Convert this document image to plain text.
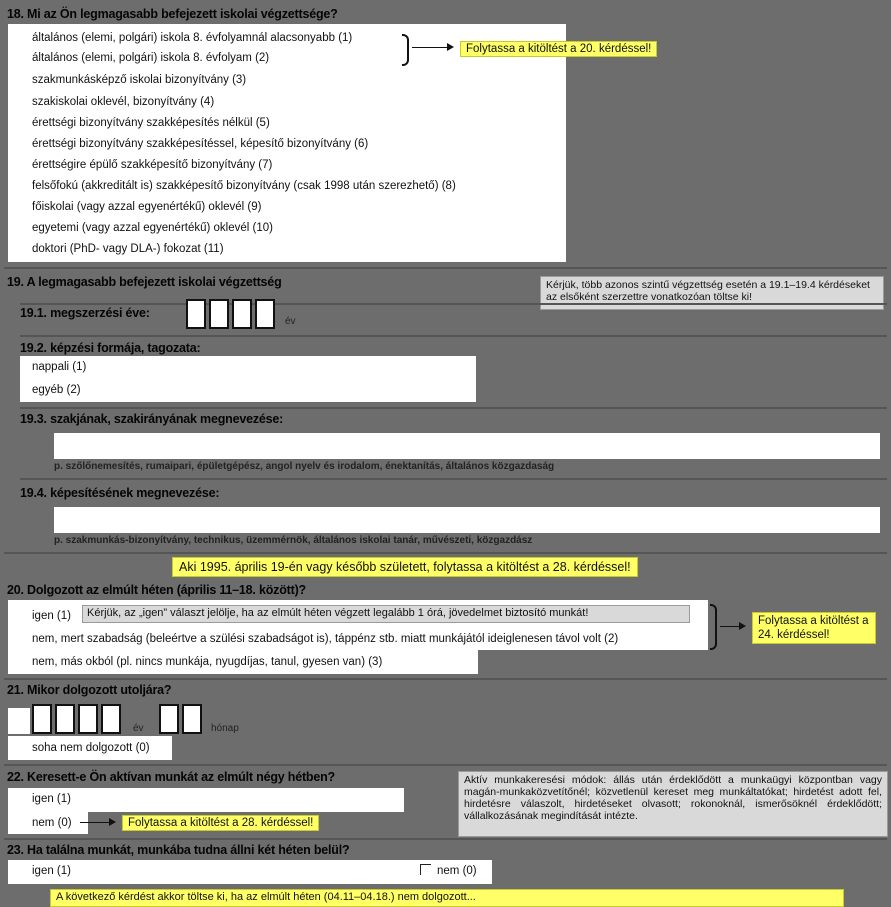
18. Mi az Ön legmagasabb befejezett iskolai végzettsége?
általános (elemi, polgári) iskola 8. évfolyamnál alacsonyabb (1)
általános (elemi, polgári) iskola 8. évfolyam (2)
szakmunkásképző iskolai bizonyítvány (3)
szakiskolai oklevél, bizonyítvány (4)
érettségi bizonyítvány szakképesítés nélkül (5)
érettségi bizonyítvány szakképesítéssel, képesítő bizonyítvány (6)
érettségire épülő szakképesítő bizonyítvány (7)
felsőfokú (akkreditált is) szakképesítő bizonyítvány (csak 1998 után szerezhető) (8)
főiskolai (vagy azzal egyenértékű) oklevél (9)
egyetemi (vagy azzal egyenértékű) oklevél (10)
doktori (PhD- vagy DLA-) fokozat (11)
Folytassa a kitöltést a 20. kérdéssel!
19. A legmagasabb befejezett iskolai végzettség	Kérjük, több azonos szintű végzettség esetén a 19.1–19.4 kérdéseket az elsőként szerzettre vonatkozóan töltse ki!
19.1. megszerzési éve:
év
19.2. képzési formája, tagozata:
nappali (1)
egyéb (2)
19.3. szakjának, szakirányának megnevezése:
p. szőlőnemesítés, rumaipari, épületgépész, angol nyelv és irodalom, énektanítás, általános közgazdaság
19.4. képesítésének megnevezése:
p. szakmunkás-bizonyítvány, technikus, üzemmérnök, általános iskolai tanár, művészeti, közgazdász
Aki 1995. április 19-én vagy később született, folytassa a kitöltést a 28. kérdéssel!
20. Dolgozott az elmúlt héten (április 11–18. között)?
igen (1)	Kérjük, az „igen” választ jelölje, ha az elmúlt héten végzett legalább 1 órá, jövedelmet biztosító munkát!
nem, mert szabadság (beleértve a szülési szabadságot is), táppénz stb. miatt munkájától ideiglenesen távol volt (2)
nem, más okból (pl. nincs munkája, nyugdíjas, tanul, gyesen van) (3)
Folytassa a kitöltést a 24. kérdéssel!
21. Mikor dolgozott utoljára?
év	hónap
soha nem dolgozott (0)
22. Keresett-e Ön aktívan munkát az elmúlt négy hétben?	Aktív munkakeresési módok: állás után érdeklődött a munkaügyi központban vagy magán-munkaközvetítőnél; közvetlenül kereset meg munkáltatókat; hirdetést adott fel, hirdetésre válaszolt, hirdetéseket olvasott; rokonoknál, ismerősöknél érdeklődött; vállalkozásának megindítását intézte.
igen (1)
nem (0)	Folytassa a kitöltést a 28. kérdéssel!
23. Ha találna munkát, munkába tudna állni két héten belül?
igen (1)	nem (0)
A következő kérdést akkor töltse ki, ha az elmúlt héten (04.11–04.18.) nem dolgozott...
